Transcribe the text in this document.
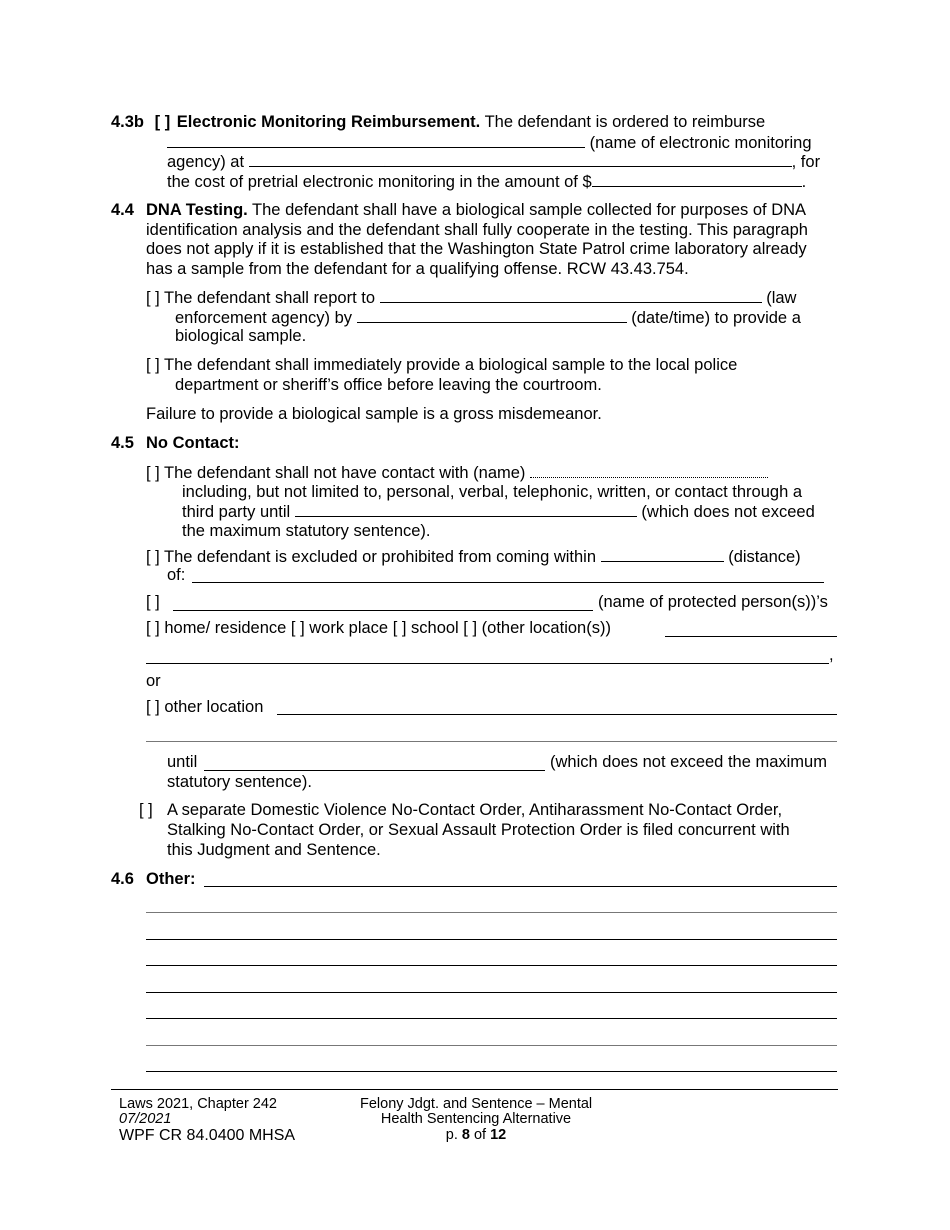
4.3b [ ] Electronic Monitoring Reimbursement. The defendant is ordered to reimburse
(name of electronic monitoring
agency) at	, for
the cost of pretrial electronic monitoring in the amount of $	.
4.4 DNA Testing. The defendant shall have a biological sample collected for purposes of DNA
identification analysis and the defendant shall fully cooperate in the testing. This paragraph
does not apply if it is established that the Washington State Patrol crime laboratory already
has a sample from the defendant for a qualifying offense. RCW 43.43.754.
[ ] The defendant shall report to	(law
enforcement agency) by	(date/time) to provide a
biological sample.
[ ] The defendant shall immediately provide a biological sample to the local police
department or sheriff’s office before leaving the courtroom.
Failure to provide a biological sample is a gross misdemeanor.
4.5 No Contact:
[ ] The defendant shall not have contact with (name)
including, but not limited to, personal, verbal, telephonic, written, or contact through a
third party until	(which does not exceed
the maximum statutory sentence).
[ ] The defendant is excluded or prohibited from coming within	(distance)
of:
[ ]	(name of protected person(s))’s
[ ] home/ residence [ ] work place [ ] school [ ] (other location(s))
,
or
[ ] other location
until	(which does not exceed the maximum
statutory sentence).
[ ] A separate Domestic Violence No-Contact Order, Antiharassment No-Contact Order,
Stalking No-Contact Order, or Sexual Assault Protection Order is filed concurrent with
this Judgment and Sentence.
4.6 Other:
Laws 2021, Chapter 242
07/2021
WPF CR 84.0400 MHSA
Felony Jdgt. and Sentence – Mental
Health Sentencing Alternative
p. 8 of 12
